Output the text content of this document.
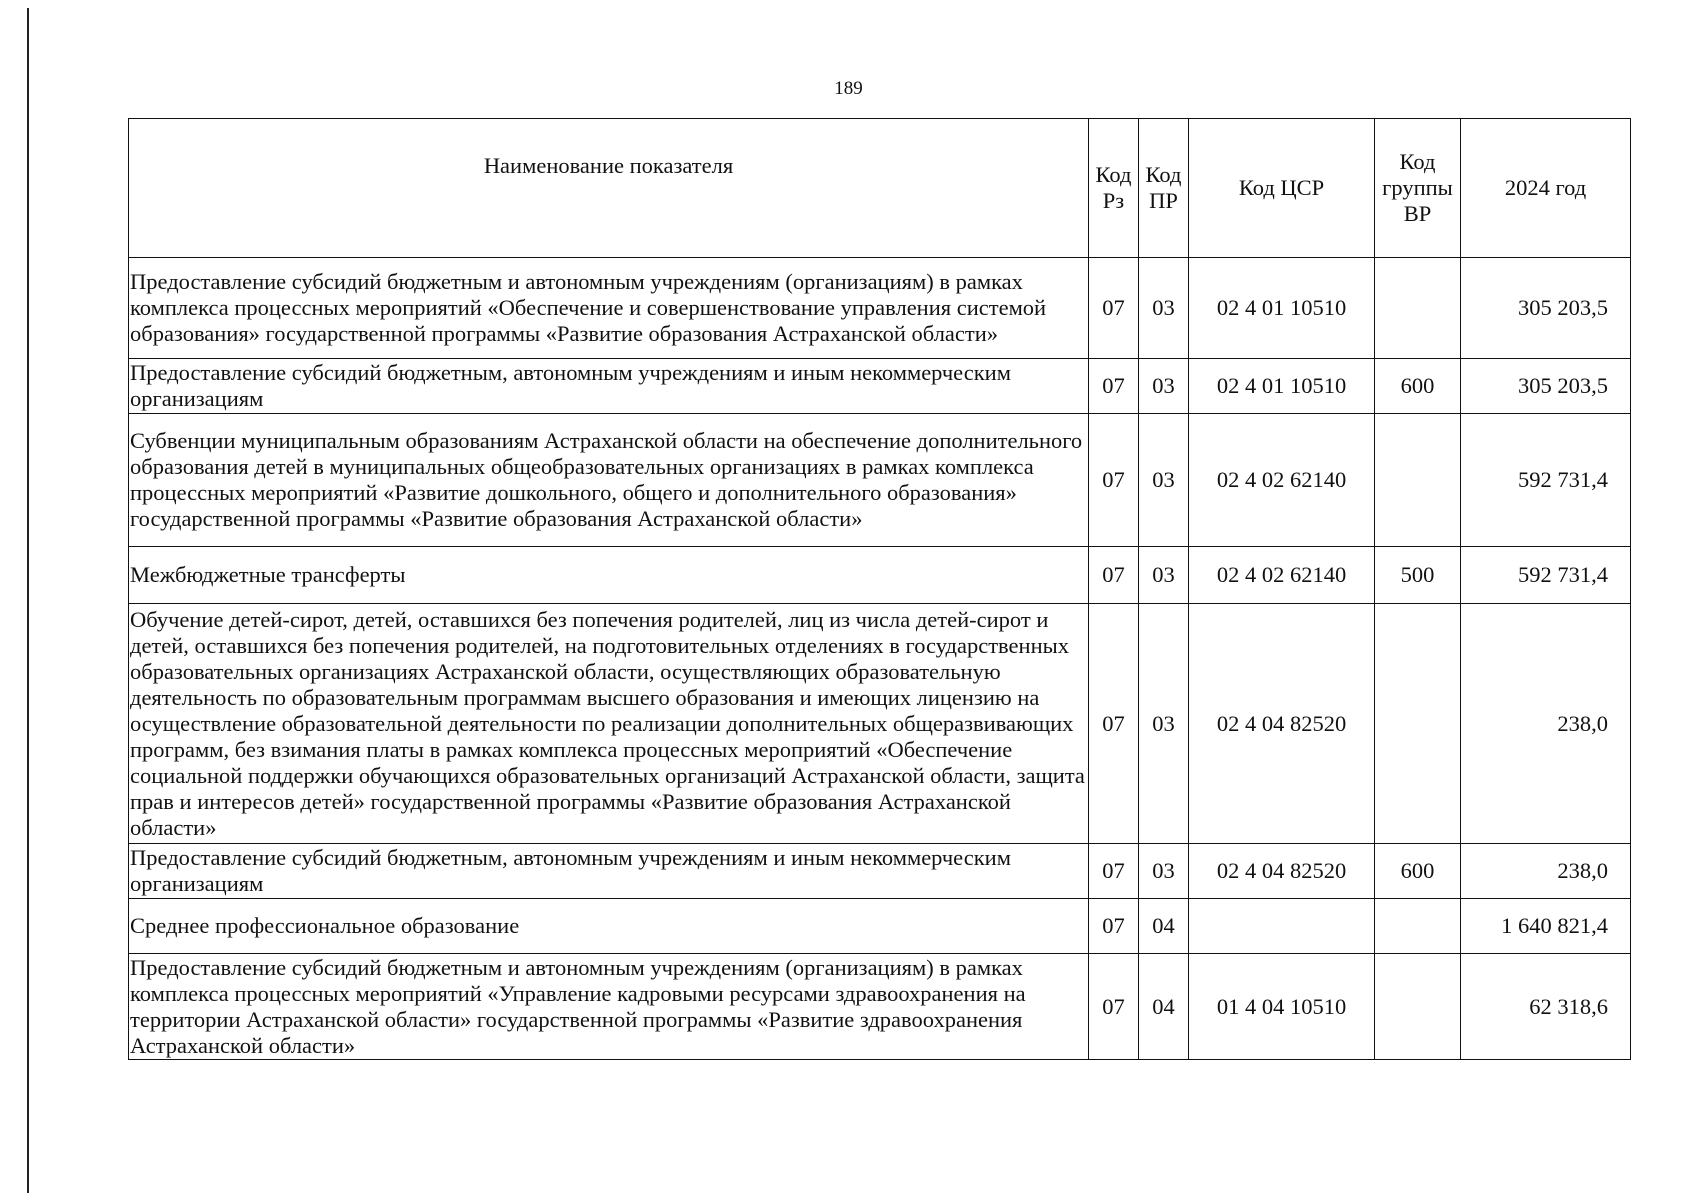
189
Наименование показателя	Код Рз	Код ПР	Код ЦСР	Код группы ВР	2024 год
Предоставление субсидий бюджетным и автономным учреждениям (организациям) в рамках комплекса процессных мероприятий «Обеспечение и совершенствование управления системой образования» государственной программы «Развитие образования Астраханской области»	07	03	02 4 01 10510		305 203,5
Предоставление субсидий бюджетным, автономным учреждениям и иным некоммерческим организациям	07	03	02 4 01 10510	600	305 203,5
Субвенции муниципальным образованиям Астраханской области на обеспечение дополнительного образования детей в муниципальных общеобразовательных организациях в рамках комплекса процессных мероприятий «Развитие дошкольного, общего и дополнительного образования» государственной программы «Развитие образования Астраханской области»	07	03	02 4 02 62140		592 731,4
Межбюджетные трансферты	07	03	02 4 02 62140	500	592 731,4
Обучение детей-сирот, детей, оставшихся без попечения родителей, лиц из числа детей-сирот и детей, оставшихся без попечения родителей, на подготовительных отделениях в государственных образовательных организациях Астраханской области, осуществляющих образовательную деятельность по образовательным программам высшего образования и имеющих лицензию на осуществление образовательной деятельности по реализации дополнительных общеразвивающих программ, без взимания платы в рамках комплекса процессных мероприятий «Обеспечение социальной поддержки обучающихся образовательных организаций Астраханской области, защита прав и интересов детей» государственной программы «Развитие образования Астраханской области»	07	03	02 4 04 82520		238,0
Предоставление субсидий бюджетным, автономным учреждениям и иным некоммерческим организациям	07	03	02 4 04 82520	600	238,0
Среднее профессиональное образование	07	04			1 640 821,4
Предоставление субсидий бюджетным и автономным учреждениям (организациям) в рамках комплекса процессных мероприятий «Управление кадровыми ресурсами здравоохранения на территории Астраханской области» государственной программы «Развитие здравоохранения Астраханской области»	07	04	01 4 04 10510		62 318,6
